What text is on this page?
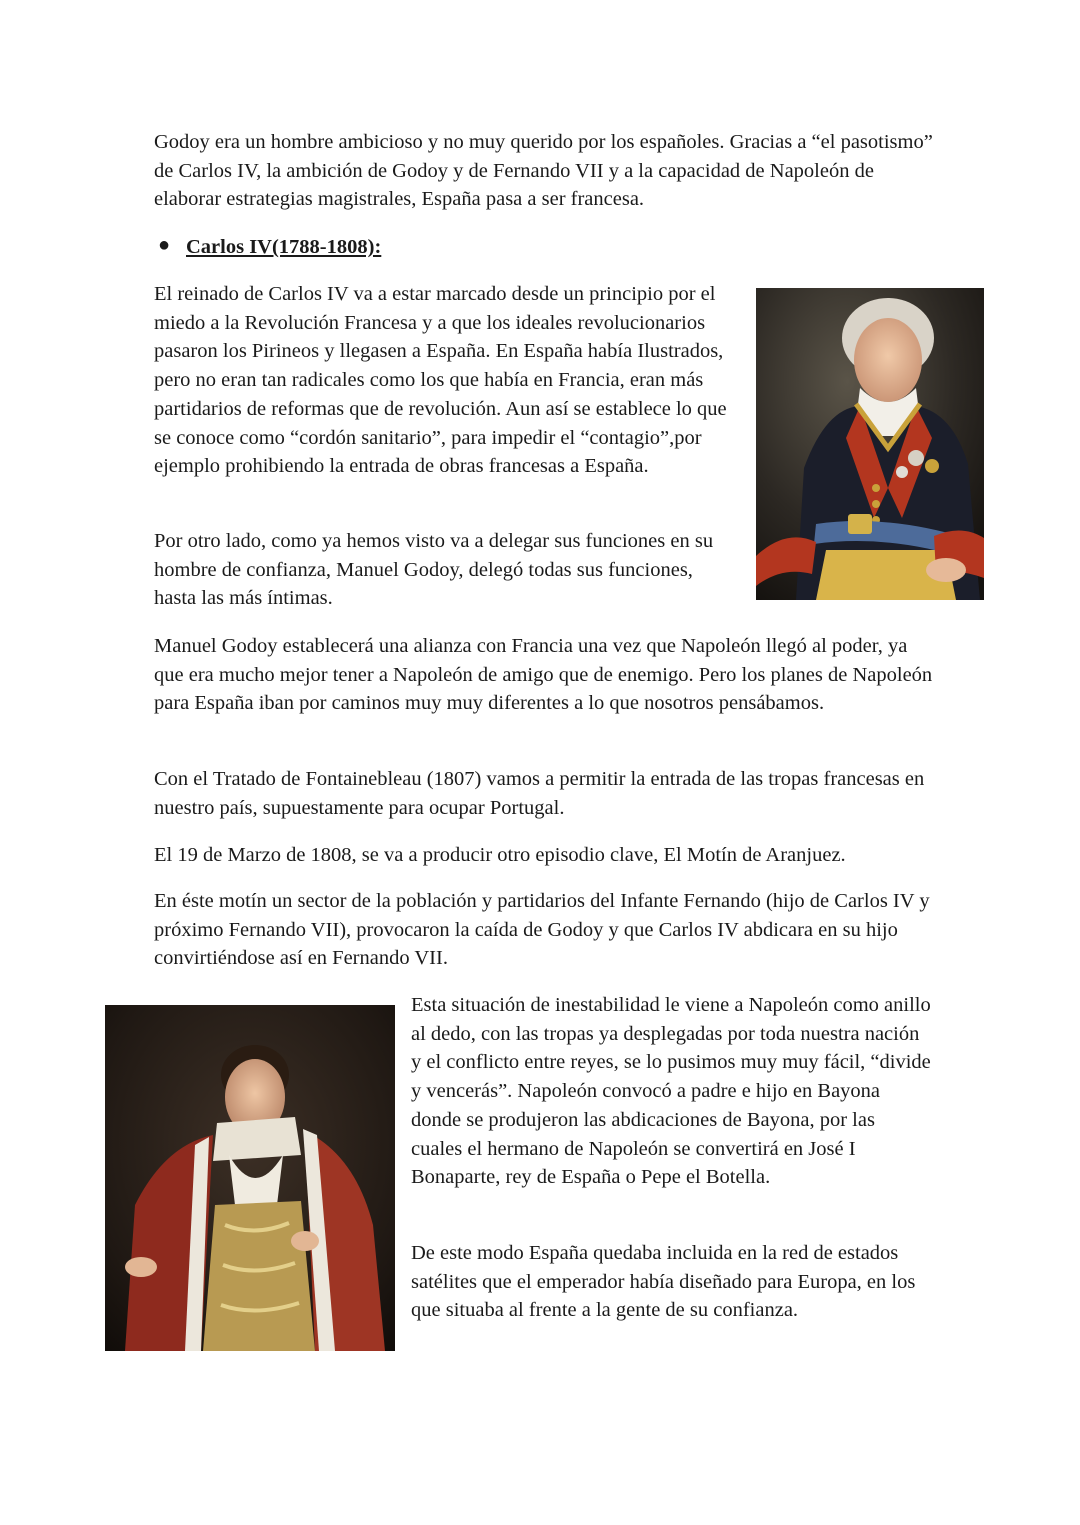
Godoy era un hombre ambicioso y no muy querido por los españoles. Gracias a “el pasotismo” de Carlos IV, la ambición de Godoy y de Fernando VII y a la capacidad de Napoleón de elaborar estrategias magistrales, España pasa a ser francesa.

● Carlos IV(1788-1808):

El reinado de Carlos IV va a estar marcado desde un principio por el miedo a la Revolución Francesa y a que los ideales revolucionarios pasaron los Pirineos y llegasen a España. En España había Ilustrados, pero no eran tan radicales como los que había en Francia, eran más partidarios de reformas que de revolución. Aun así se establece lo que se conoce como “cordón sanitario”, para impedir el “contagio”,por ejemplo prohibiendo la entrada de obras francesas a España.

Por otro lado, como ya hemos visto va a delegar sus funciones en su hombre de confianza, Manuel Godoy, delegó todas sus funciones, hasta las más íntimas.

Manuel Godoy establecerá una alianza con Francia una vez que Napoleón llegó al poder, ya que era mucho mejor tener a Napoleón de amigo que de enemigo. Pero los planes de Napoleón para España iban por caminos muy muy diferentes a lo que nosotros pensábamos.

Con el Tratado de Fontainebleau (1807) vamos a permitir la entrada de las tropas francesas en nuestro país, supuestamente para ocupar Portugal.

El 19 de Marzo de 1808, se va a producir otro episodio clave, El Motín de Aranjuez.

En éste motín un sector de la población y partidarios del Infante Fernando (hijo de Carlos IV y próximo Fernando VII), provocaron la caída de Godoy y que Carlos IV abdicara en su hijo convirtiéndose así en Fernando VII.

Esta situación de inestabilidad le viene a Napoleón como anillo al dedo, con las tropas ya desplegadas por toda nuestra nación y el conflicto entre reyes, se lo pusimos muy muy fácil, “divide y vencerás”. Napoleón convocó a padre e hijo en Bayona donde se produjeron las abdicaciones de Bayona, por las cuales el hermano de Napoleón se convertirá en José I Bonaparte, rey de España o Pepe el Botella.

De este modo España quedaba incluida en la red de estados satélites que el emperador había diseñado para Europa, en los que situaba al frente a la gente de su confianza.
